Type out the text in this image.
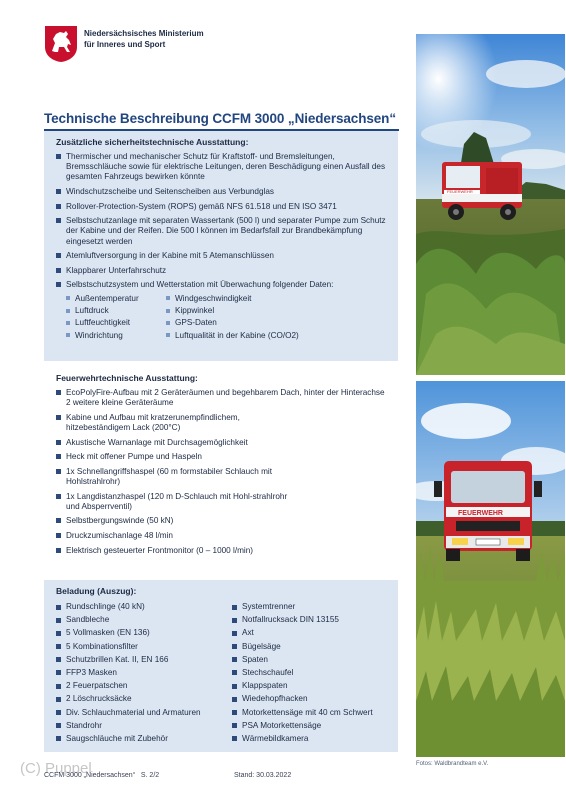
Niedersächsisches Ministerium
für Inneres und Sport
Technische Beschreibung CCFM 3000 „Niedersachsen“
Zusätzliche sicherheitstechnische Ausstattung:
Thermischer und mechanischer Schutz für Kraftstoff- und Bremsleitungen, Bremsschläuche sowie für elektrische Leitungen, deren Beschädigung einen Ausfall des gesamten Fahrzeugs bewirken könnte
Windschutzscheibe und Seitenscheiben aus Verbundglas
Rollover-Protection-System (ROPS) gemäß NFS 61.518 und EN ISO 3471
Selbstschutzanlage mit separaten Wassertank (500 l) und separater Pumpe zum Schutz der Kabine und der Reifen. Die 500 l können im Bedarfsfall zur Brandbekämpfung eingesetzt werden
Atemluftversorgung in der Kabine mit 5 Atemanschlüssen
Klappbarer Unterfahrschutz
Selbstschutzsystem und Wetterstation mit Überwachung folgender Daten:
Außentemperatur	Windgeschwindigkeit
Luftdruck	Kippwinkel
Luftfeuchtigkeit	GPS-Daten
Windrichtung	Luftqualität in der Kabine (CO/O2)
Feuerwehrtechnische Ausstattung:
EcoPolyFire-Aufbau mit 2 Geräteräumen und begehbarem Dach, hinter der Hinterachse 2 weitere kleine Geräteräume
Kabine und Aufbau mit kratzerunempfindlichem, hitzebeständigem Lack (200°C)
Akustische Warnanlage mit Durchsagemöglichkeit
Heck mit offener Pumpe und Haspeln
1x Schnellangriffshaspel (60 m formstabiler Schlauch mit Hohlstrahlrohr)
1x Langdistanzhaspel (120 m D-Schlauch mit Hohl-strahlrohr und Absperrventil)
Selbstbergungswinde (50 kN)
Druckzumischanlage 48 l/min
Elektrisch gesteuerter Frontmonitor (0 – 1000 l/min)
Beladung (Auszug):
Rundschlinge (40 kN)
Sandbleche
5 Vollmasken (EN 136)
5 Kombinationsfilter
Schutzbrillen Kat. II, EN 166
FFP3 Masken
2 Feuerpatschen
2 Löschrucksäcke
Div. Schlauchmaterial und Armaturen
Standrohr
Saugschläuche mit Zubehör
Systemtrenner
Notfallrucksack DIN 13155
Axt
Bügelsäge
Spaten
Stechschaufel
Klappspaten
Wiedehopfhacken
Motorkettensäge mit 40 cm Schwert
PSA Motorkettensäge
Wärmebildkamera
FEUERWEHR
FEUERWEHR
Fotos: Waldbrandteam e.V.
(C) Puppel
CCFM 3000 „Niedersachsen“   S. 2/2	Stand: 30.03.2022
